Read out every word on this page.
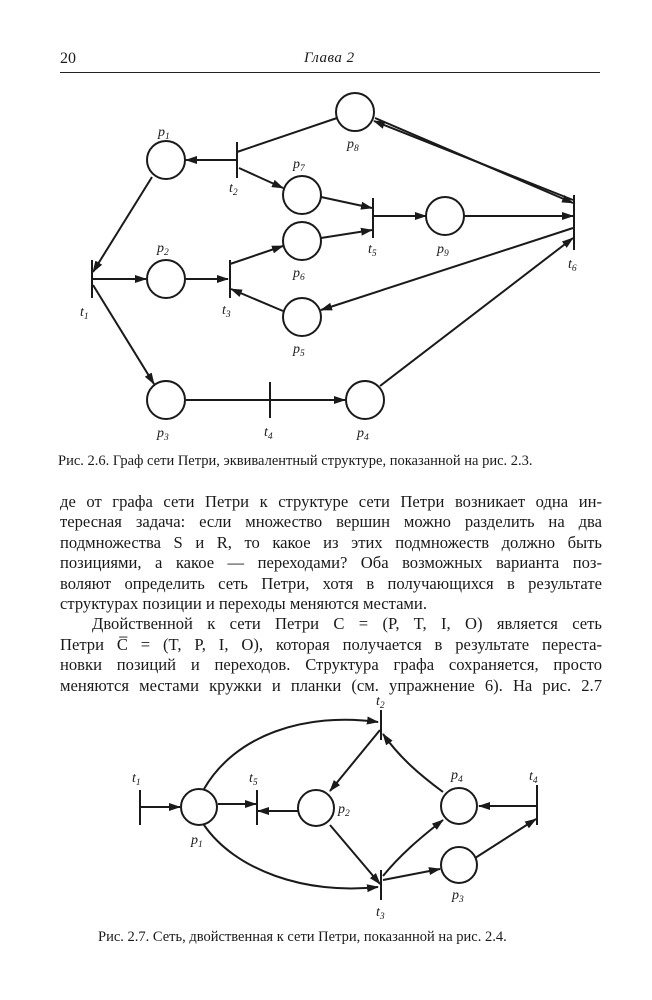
20	Глава 2
$p_1$
$p_2$
$p_3$	$p_4$
$p_5$
$p_6$
$p_7$
$p_8$
$p_9$
$t_1$
$t_2$
$t_3$
$t_4$
$t_5$
$t_6$
Рис. 2.6. Граф сети Петри, эквивалентный структуре, показанной на рис. 2.3.

де от графа сети Петри к структуре сети Петри возникает одна ин-

тересная задача: если множество вершин можно разделить на два

подмножества S и R, то какое из этих подмножеств должно быть

позициями, а какое — переходами? Оба возможных варианта поз-

воляют определить сеть Петри, хотя в получающихся в результате

структурах позиции и переходы меняются местами.

Двойственной к сети Петри C = (P, T, I, O) является сеть

Петри C̅ = (T, P, I, O), которая получается в результате переста-

новки позиций и переходов. Структура графа сохраняется, просто

меняются местами кружки и планки (см. упражнение 6). На рис. 2.7

$p_1$
$p_2$
$p_3$
$p_4$
$t_1$
$t_2$
$t_3$
$t_4$
$t_5$
Рис. 2.7. Сеть, двойственная к сети Петри, показанной на рис. 2.4.
